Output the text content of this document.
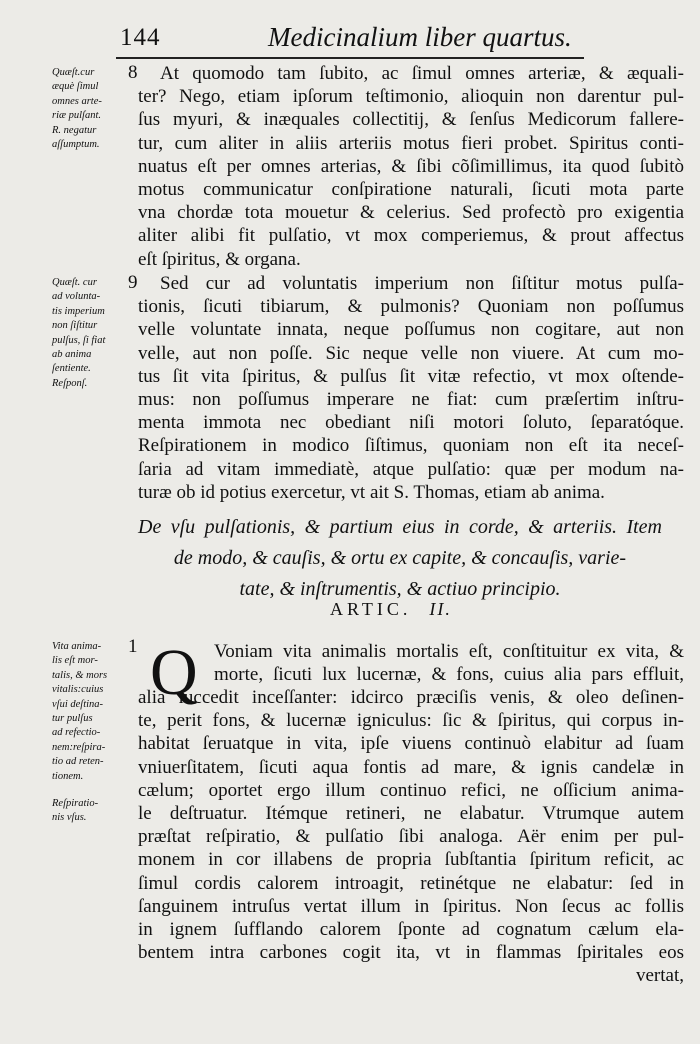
144	Medicinalium liber quartus.
Quæſt.cur
æquè ſimul
omnes arte-
riæ pulſant.
R. negatur
aſſumptum.
Quæſt. cur
ad volunta-
tis imperium
non ſiſtitur
pulſus, ſi fiat
ab anima
ſentiente.
Reſponſ.
Vita anima-
lis eſt mor-
talis, & mors
vitalis:cuius
vſui deſtina-
tur pulſus
ad refectio-
nem:reſpira-
tio ad reten-
tionem.
Reſpiratio-
nis vſus.
8
9
1
At quomodo tam ſubito, ac ſimul omnes arteriæ, & æquali-
ter? Nego, etiam ipſorum teſtimonio, alioquin non darentur pul-
ſus myuri, & inæquales collectitij, & ſenſus Medicorum fallere-
tur, cum aliter in aliis arteriis motus fieri probet. Spiritus conti-
nuatus eſt per omnes arterias, & ſibi cõſimillimus, ita quod ſubitò
motus communicatur conſpiratione naturali, ſicuti mota parte
vna chordæ tota mouetur & celerius. Sed profectò pro exigentia
aliter alibi fit pulſatio, vt mox comperiemus, & prout affectus
eſt ſpiritus, & organa.
Sed cur ad voluntatis imperium non ſiſtitur motus pulſa-
tionis, ſicuti tibiarum, & pulmonis? Quoniam non poſſumus
velle voluntate innata, neque poſſumus non cogitare, aut non
velle, aut non poſſe. Sic neque velle non viuere. At cum mo-
tus ſit vita ſpiritus, & pulſus ſit vitæ refectio, vt mox oſtende-
mus: non poſſumus imperare ne fiat: cum præſertim inſtru-
menta immota nec obediant niſi motori ſoluto, ſeparatóque.
Reſpirationem in modico ſiſtimus, quoniam non eſt ita neceſ-
ſaria ad vitam immediatè, atque pulſatio: quæ per modum na-
turæ ob id potius exercetur, vt ait S. Thomas, etiam ab anima.
De vſu pulſationis, & partium eius in corde, & arteriis. Item
de modo, & cauſis, & ortu ex capite, & concauſis, varie-
tate, & inſtrumentis, & actiuo principio.
ARTIC. II.
Q Voniam vita animalis mortalis eſt, conſtituitur ex vita, &
morte, ſicuti lux lucernæ, & fons, cuius alia pars effluit,
alia ſuccedit inceſſanter: idcirco præciſis venis, & oleo deſinen-
te, perit fons, & lucernæ igniculus: ſic & ſpiritus, qui corpus in-
habitat ſeruatque in vita, ipſe viuens continuò elabitur ad ſuam
vniuerſitatem, ſicuti aqua fontis ad mare, & ignis candelæ in
cælum; oportet ergo illum continuo refici, ne oſſicium anima-
le deſtruatur. Itémque retineri, ne elabatur. Vtrumque autem
præſtat reſpiratio, & pulſatio ſibi analoga. Aër enim per pul-
monem in cor illabens de propria ſubſtantia ſpiritum reficit, ac
ſimul cordis calorem introagit, retinétque ne elabatur: ſed in
ſanguinem intruſus vertat illum in ſpiritus. Non ſecus ac follis
in ignem ſufflando calorem ſponte ad cognatum cælum ela-
bentem intra carbones cogit ita, vt in flammas ſpiritales eos
vertat,
